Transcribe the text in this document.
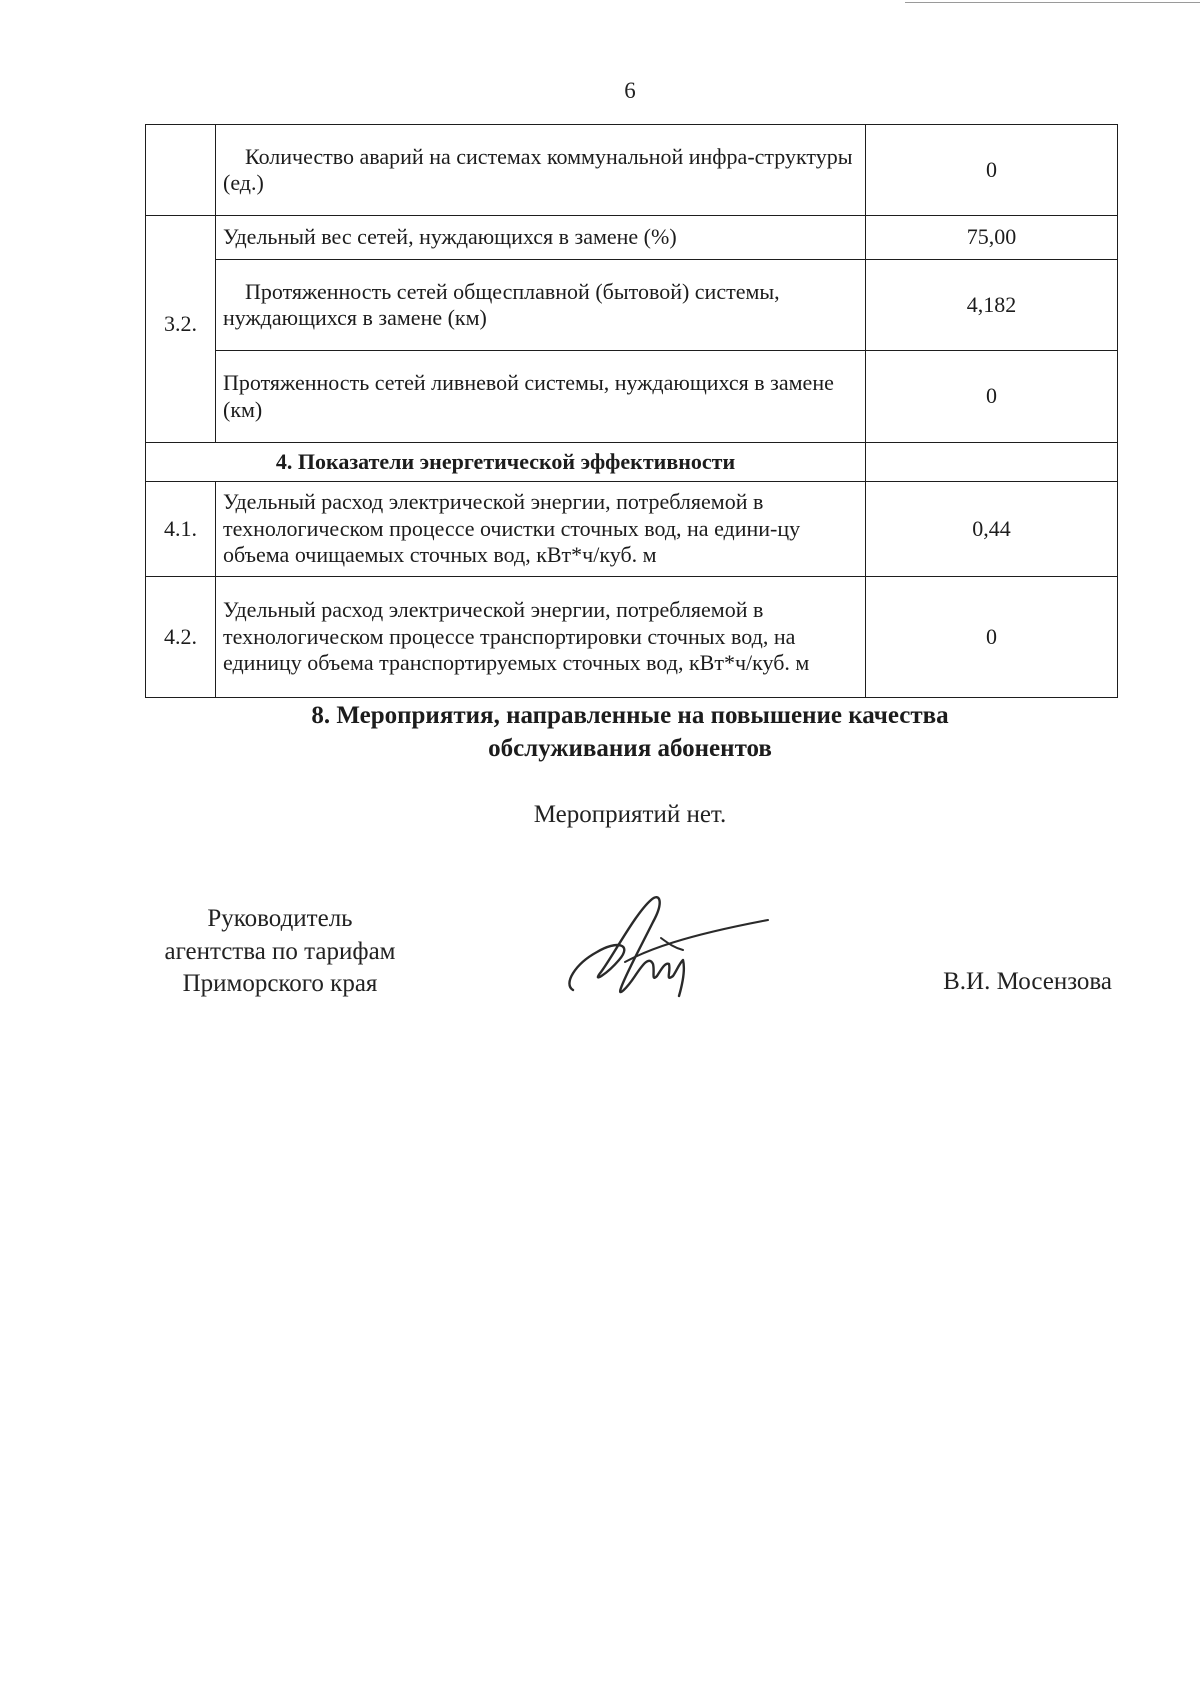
6
	Количество аварий на системах коммунальной инфра-структуры (ед.)	0
3.2.	Удельный вес сетей, нуждающихся в замене (%)	75,00
	Протяженность сетей общесплавной (бытовой) системы, нуждающихся в замене (км)	4,182
	Протяженность сетей ливневой системы, нуждающихся в замене (км)	0
4. Показатели энергетической эффективности		
4.1.	Удельный расход электрической энергии, потребляемой в технологическом процессе очистки сточных вод, на едини-цу объема очищаемых сточных вод, кВт*ч/куб. м	0,44
4.2.	Удельный расход электрической энергии, потребляемой в технологическом процессе транспортировки сточных вод, на единицу объема транспортируемых сточных вод, кВт*ч/куб. м	0
8. Мероприятия, направленные на повышение качества
обслуживания абонентов
Мероприятий нет.
Руководитель
агентства по тарифам
Приморского края	В.И. Мосензова
